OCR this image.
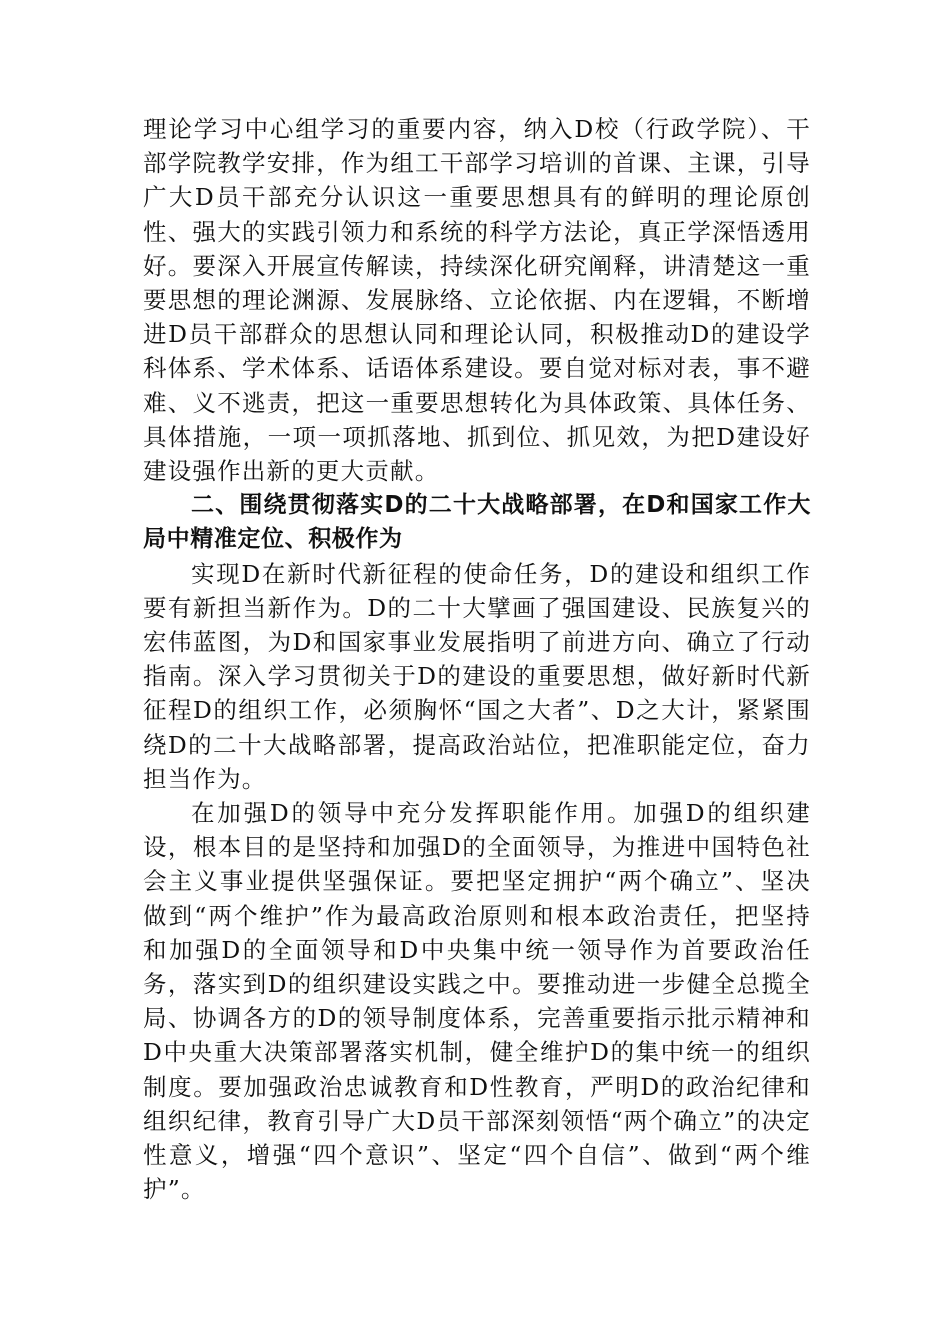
理论学习中心组学习的重要内容，纳入D校（行政学院）、干部学院教学安排，作为组工干部学习培训的首课、主课，引导广大D员干部充分认识这一重要思想具有的鲜明的理论原创性、强大的实践引领力和系统的科学方法论，真正学深悟透用好。要深入开展宣传解读，持续深化研究阐释，讲清楚这一重要思想的理论渊源、发展脉络、立论依据、内在逻辑，不断增进D员干部群众的思想认同和理论认同，积极推动D的建设学科体系、学术体系、话语体系建设。要自觉对标对表，事不避难、义不逃责，把这一重要思想转化为具体政策、具体任务、具体措施，一项一项抓落地、抓到位、抓见效，为把D建设好建设强作出新的更大贡献。

二、围绕贯彻落实D的二十大战略部署，在D和国家工作大局中精准定位、积极作为

实现D在新时代新征程的使命任务，D的建设和组织工作要有新担当新作为。D的二十大擘画了强国建设、民族复兴的宏伟蓝图，为D和国家事业发展指明了前进方向、确立了行动指南。深入学习贯彻关于D的建设的重要思想，做好新时代新征程D的组织工作，必须胸怀“国之大者”、D之大计，紧紧围绕D的二十大战略部署，提高政治站位，把准职能定位，奋力担当作为。

在加强D的领导中充分发挥职能作用。加强D的组织建设，根本目的是坚持和加强D的全面领导，为推进中国特色社会主义事业提供坚强保证。要把坚定拥护“两个确立”、坚决做到“两个维护”作为最高政治原则和根本政治责任，把坚持和加强D的全面领导和D中央集中统一领导作为首要政治任务，落实到D的组织建设实践之中。要推动进一步健全总揽全局、协调各方的D的领导制度体系，完善重要指示批示精神和D中央重大决策部署落实机制，健全维护D的集中统一的组织制度。要加强政治忠诚教育和D性教育，严明D的政治纪律和组织纪律，教育引导广大D员干部深刻领悟“两个确立”的决定性意义，增强“四个意识”、坚定“四个自信”、做到“两个维护”。
